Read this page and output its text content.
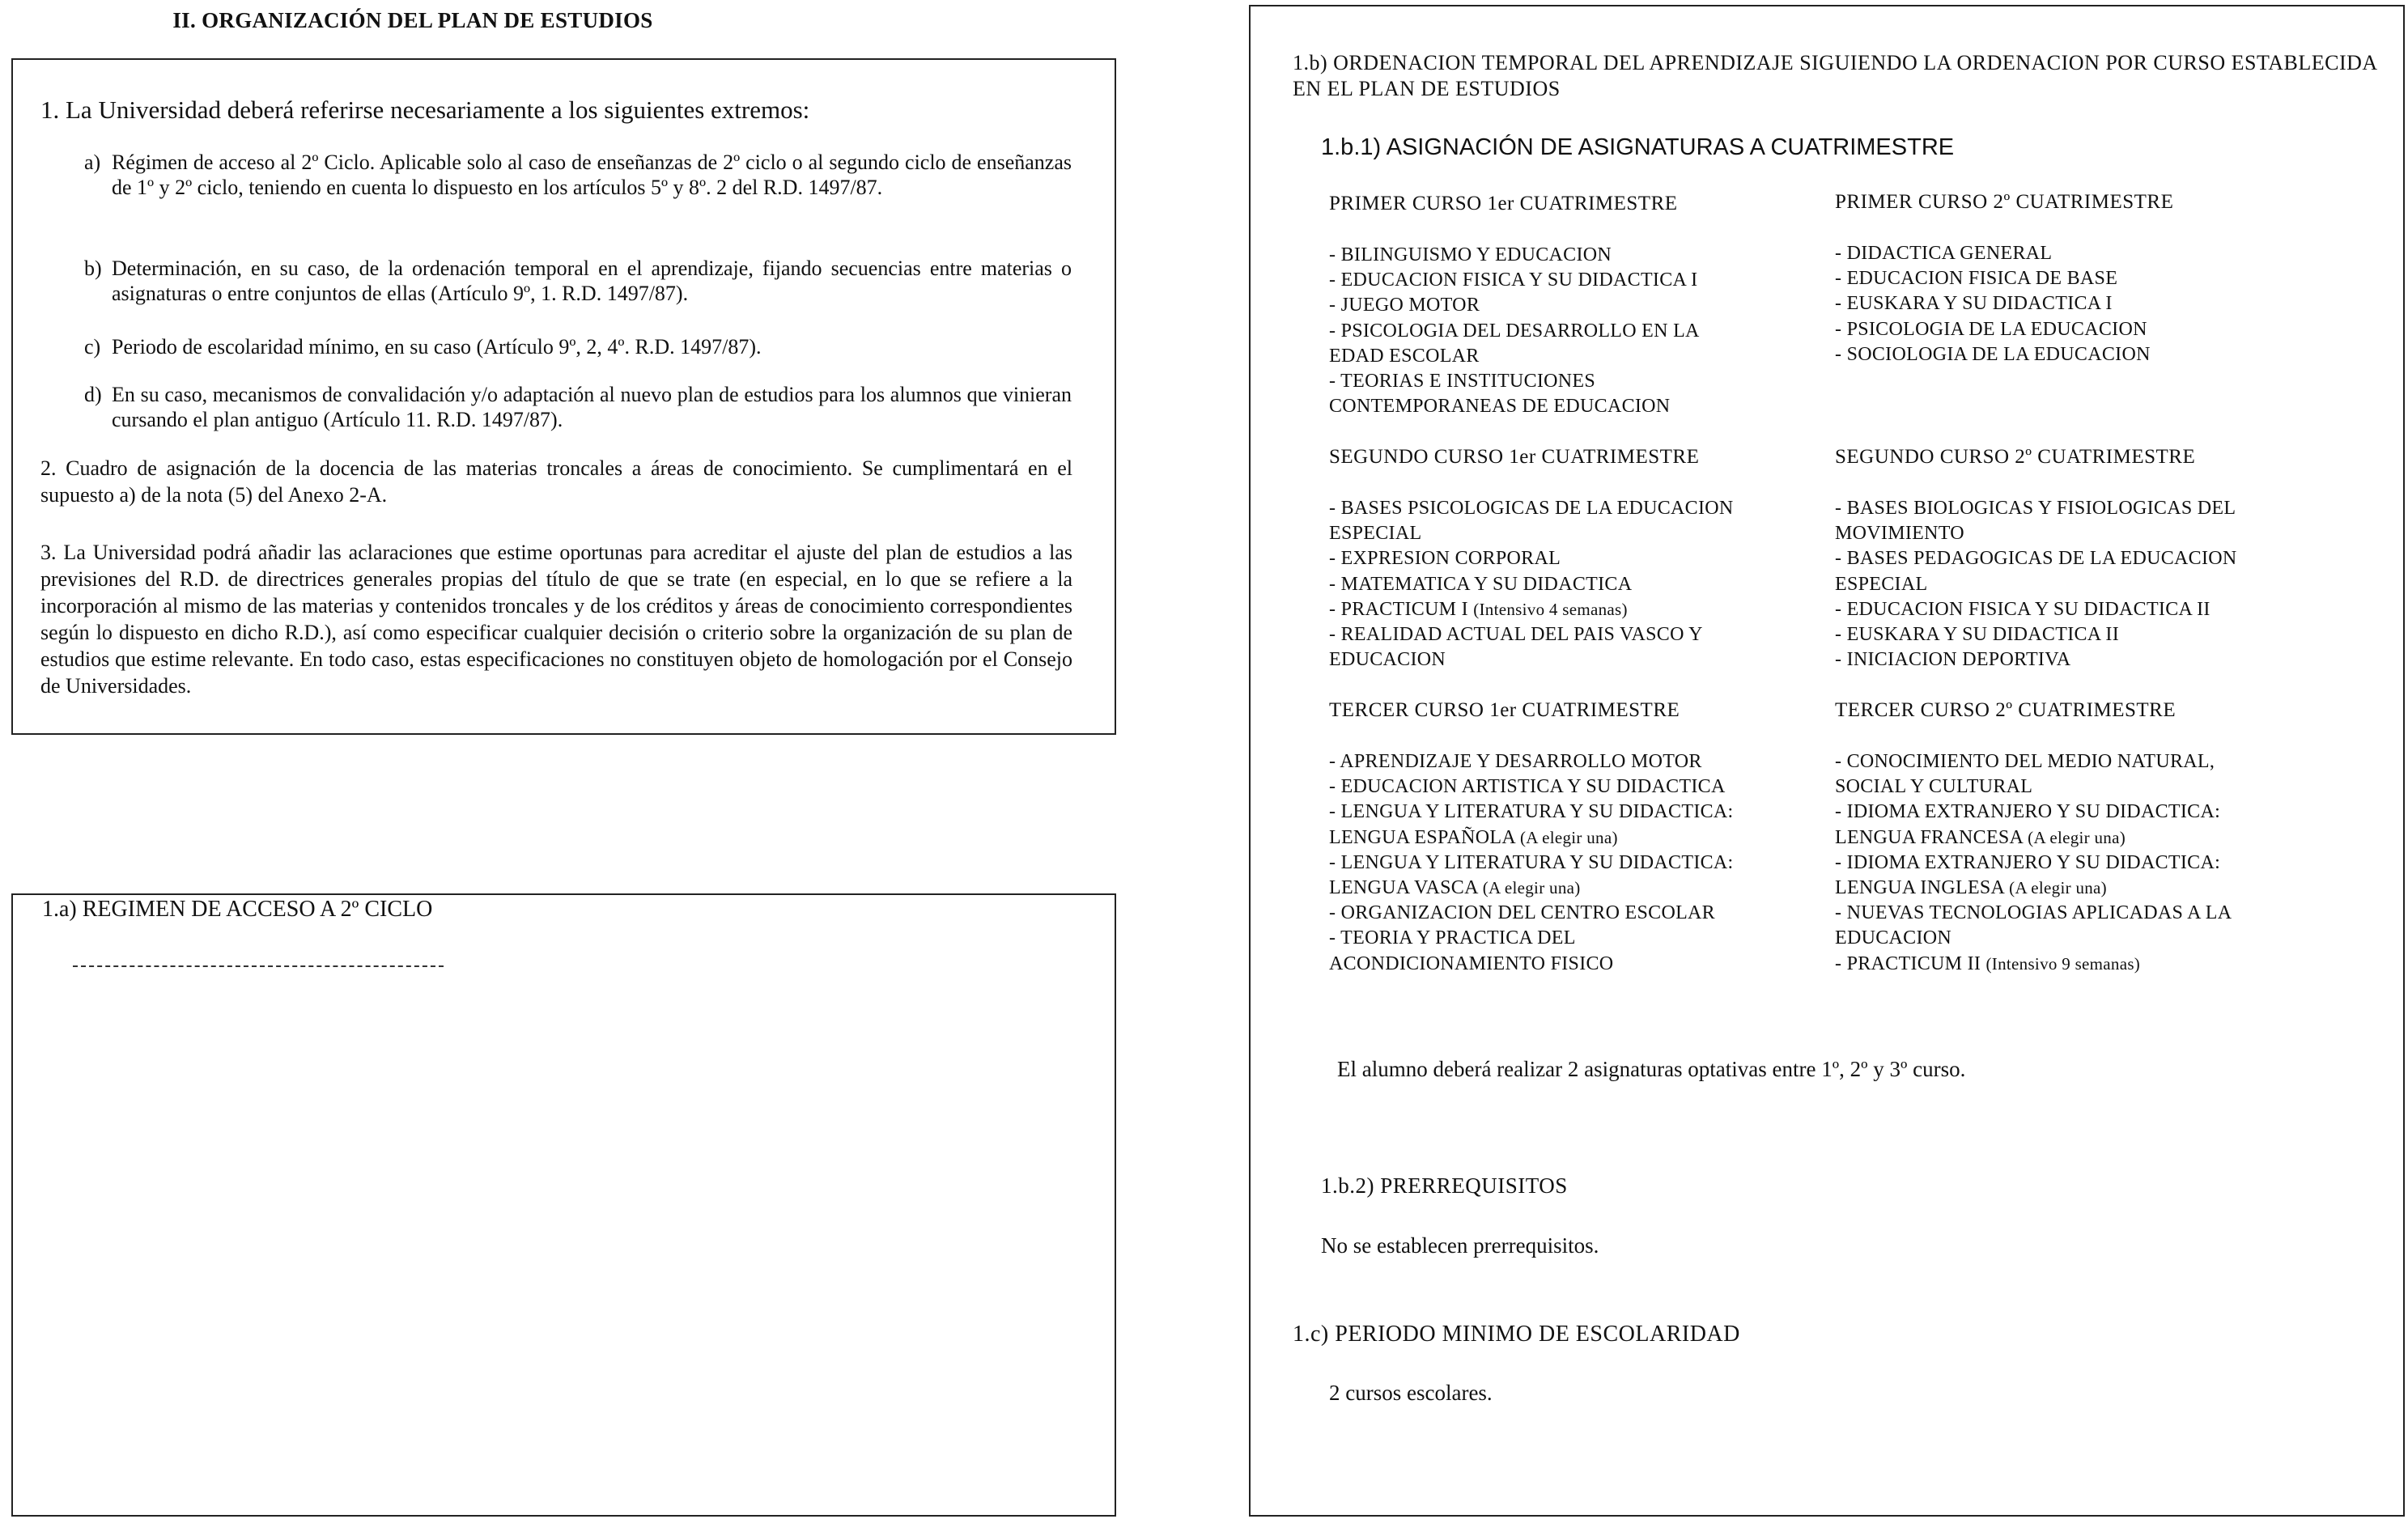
II. ORGANIZACIÓN DEL PLAN DE ESTUDIOS
1. La Universidad deberá referirse necesariamente a los siguientes extremos:
a) Régimen de acceso al 2º Ciclo. Aplicable solo al caso de enseñanzas de 2º ciclo o al segundo ciclo de enseñanzas de 1º y 2º ciclo, teniendo en cuenta lo dispuesto en los artículos 5º y 8º. 2 del R.D. 1497/87.
b) Determinación, en su caso, de la ordenación temporal en el aprendizaje, fijando secuencias entre materias o asignaturas o entre conjuntos de ellas (Artículo 9º, 1. R.D. 1497/87).
c) Periodo de escolaridad mínimo, en su caso (Artículo 9º, 2, 4º. R.D. 1497/87).
d) En su caso, mecanismos de convalidación y/o adaptación al nuevo plan de estudios para los alumnos que vinieran cursando el plan antiguo (Artículo 11. R.D. 1497/87).
2. Cuadro de asignación de la docencia de las materias troncales a áreas de conocimiento. Se cumplimentará en el supuesto a) de la nota (5) del Anexo 2-A.
3. La Universidad podrá añadir las aclaraciones que estime oportunas para acreditar el ajuste del plan de estudios a las previsiones del R.D. de directrices generales propias del título de que se trate (en especial, en lo que se refiere a la incorporación al mismo de las materias y contenidos troncales y de los créditos y áreas de conocimiento correspondientes según lo dispuesto en dicho R.D.), así como especificar cualquier decisión o criterio sobre la organización de su plan de estudios que estime relevante. En todo caso, estas especificaciones no constituyen objeto de homologación por el Consejo de Universidades.
1.a) REGIMEN DE ACCESO A 2º CICLO
1.b) ORDENACION TEMPORAL DEL APRENDIZAJE SIGUIENDO LA ORDENACION POR CURSO ESTABLECIDA EN EL PLAN DE ESTUDIOS
1.b.1) ASIGNACIÓN DE ASIGNATURAS A CUATRIMESTRE
PRIMER CURSO 1er CUATRIMESTRE
- BILINGUISMO Y EDUCACION
- EDUCACION FISICA Y SU DIDACTICA I
- JUEGO MOTOR
- PSICOLOGIA DEL DESARROLLO EN LA
EDAD ESCOLAR
- TEORIAS E INSTITUCIONES
CONTEMPORANEAS DE EDUCACION
PRIMER CURSO 2º CUATRIMESTRE
- DIDACTICA GENERAL
- EDUCACION FISICA DE BASE
- EUSKARA Y SU DIDACTICA I
- PSICOLOGIA DE LA EDUCACION
- SOCIOLOGIA DE LA EDUCACION
SEGUNDO CURSO 1er CUATRIMESTRE
- BASES PSICOLOGICAS DE LA EDUCACION
ESPECIAL
- EXPRESION CORPORAL
- MATEMATICA Y SU DIDACTICA
- PRACTICUM I (Intensivo 4 semanas)
- REALIDAD ACTUAL DEL PAIS VASCO Y
EDUCACION
SEGUNDO CURSO 2º CUATRIMESTRE
- BASES BIOLOGICAS Y FISIOLOGICAS DEL
MOVIMIENTO
- BASES PEDAGOGICAS DE LA EDUCACION
ESPECIAL
- EDUCACION FISICA Y SU DIDACTICA II
- EUSKARA Y SU DIDACTICA II
- INICIACION DEPORTIVA
TERCER CURSO 1er CUATRIMESTRE
- APRENDIZAJE Y DESARROLLO MOTOR
- EDUCACION ARTISTICA Y SU DIDACTICA
- LENGUA Y LITERATURA Y SU DIDACTICA:
LENGUA ESPAÑOLA (A elegir una)
- LENGUA Y LITERATURA Y SU DIDACTICA:
LENGUA VASCA (A elegir una)
- ORGANIZACION DEL CENTRO ESCOLAR
- TEORIA Y PRACTICA DEL
ACONDICIONAMIENTO FISICO
TERCER CURSO 2º CUATRIMESTRE
- CONOCIMIENTO DEL MEDIO NATURAL,
SOCIAL Y CULTURAL
- IDIOMA EXTRANJERO Y SU DIDACTICA:
LENGUA FRANCESA (A elegir una)
- IDIOMA EXTRANJERO Y SU DIDACTICA:
LENGUA INGLESA (A elegir una)
- NUEVAS TECNOLOGIAS APLICADAS A LA
EDUCACION
- PRACTICUM II (Intensivo 9 semanas)
El alumno deberá realizar 2 asignaturas optativas entre 1º, 2º y 3º curso.
1.b.2) PRERREQUISITOS
No se establecen prerrequisitos.
1.c) PERIODO MINIMO DE ESCOLARIDAD
2 cursos escolares.
